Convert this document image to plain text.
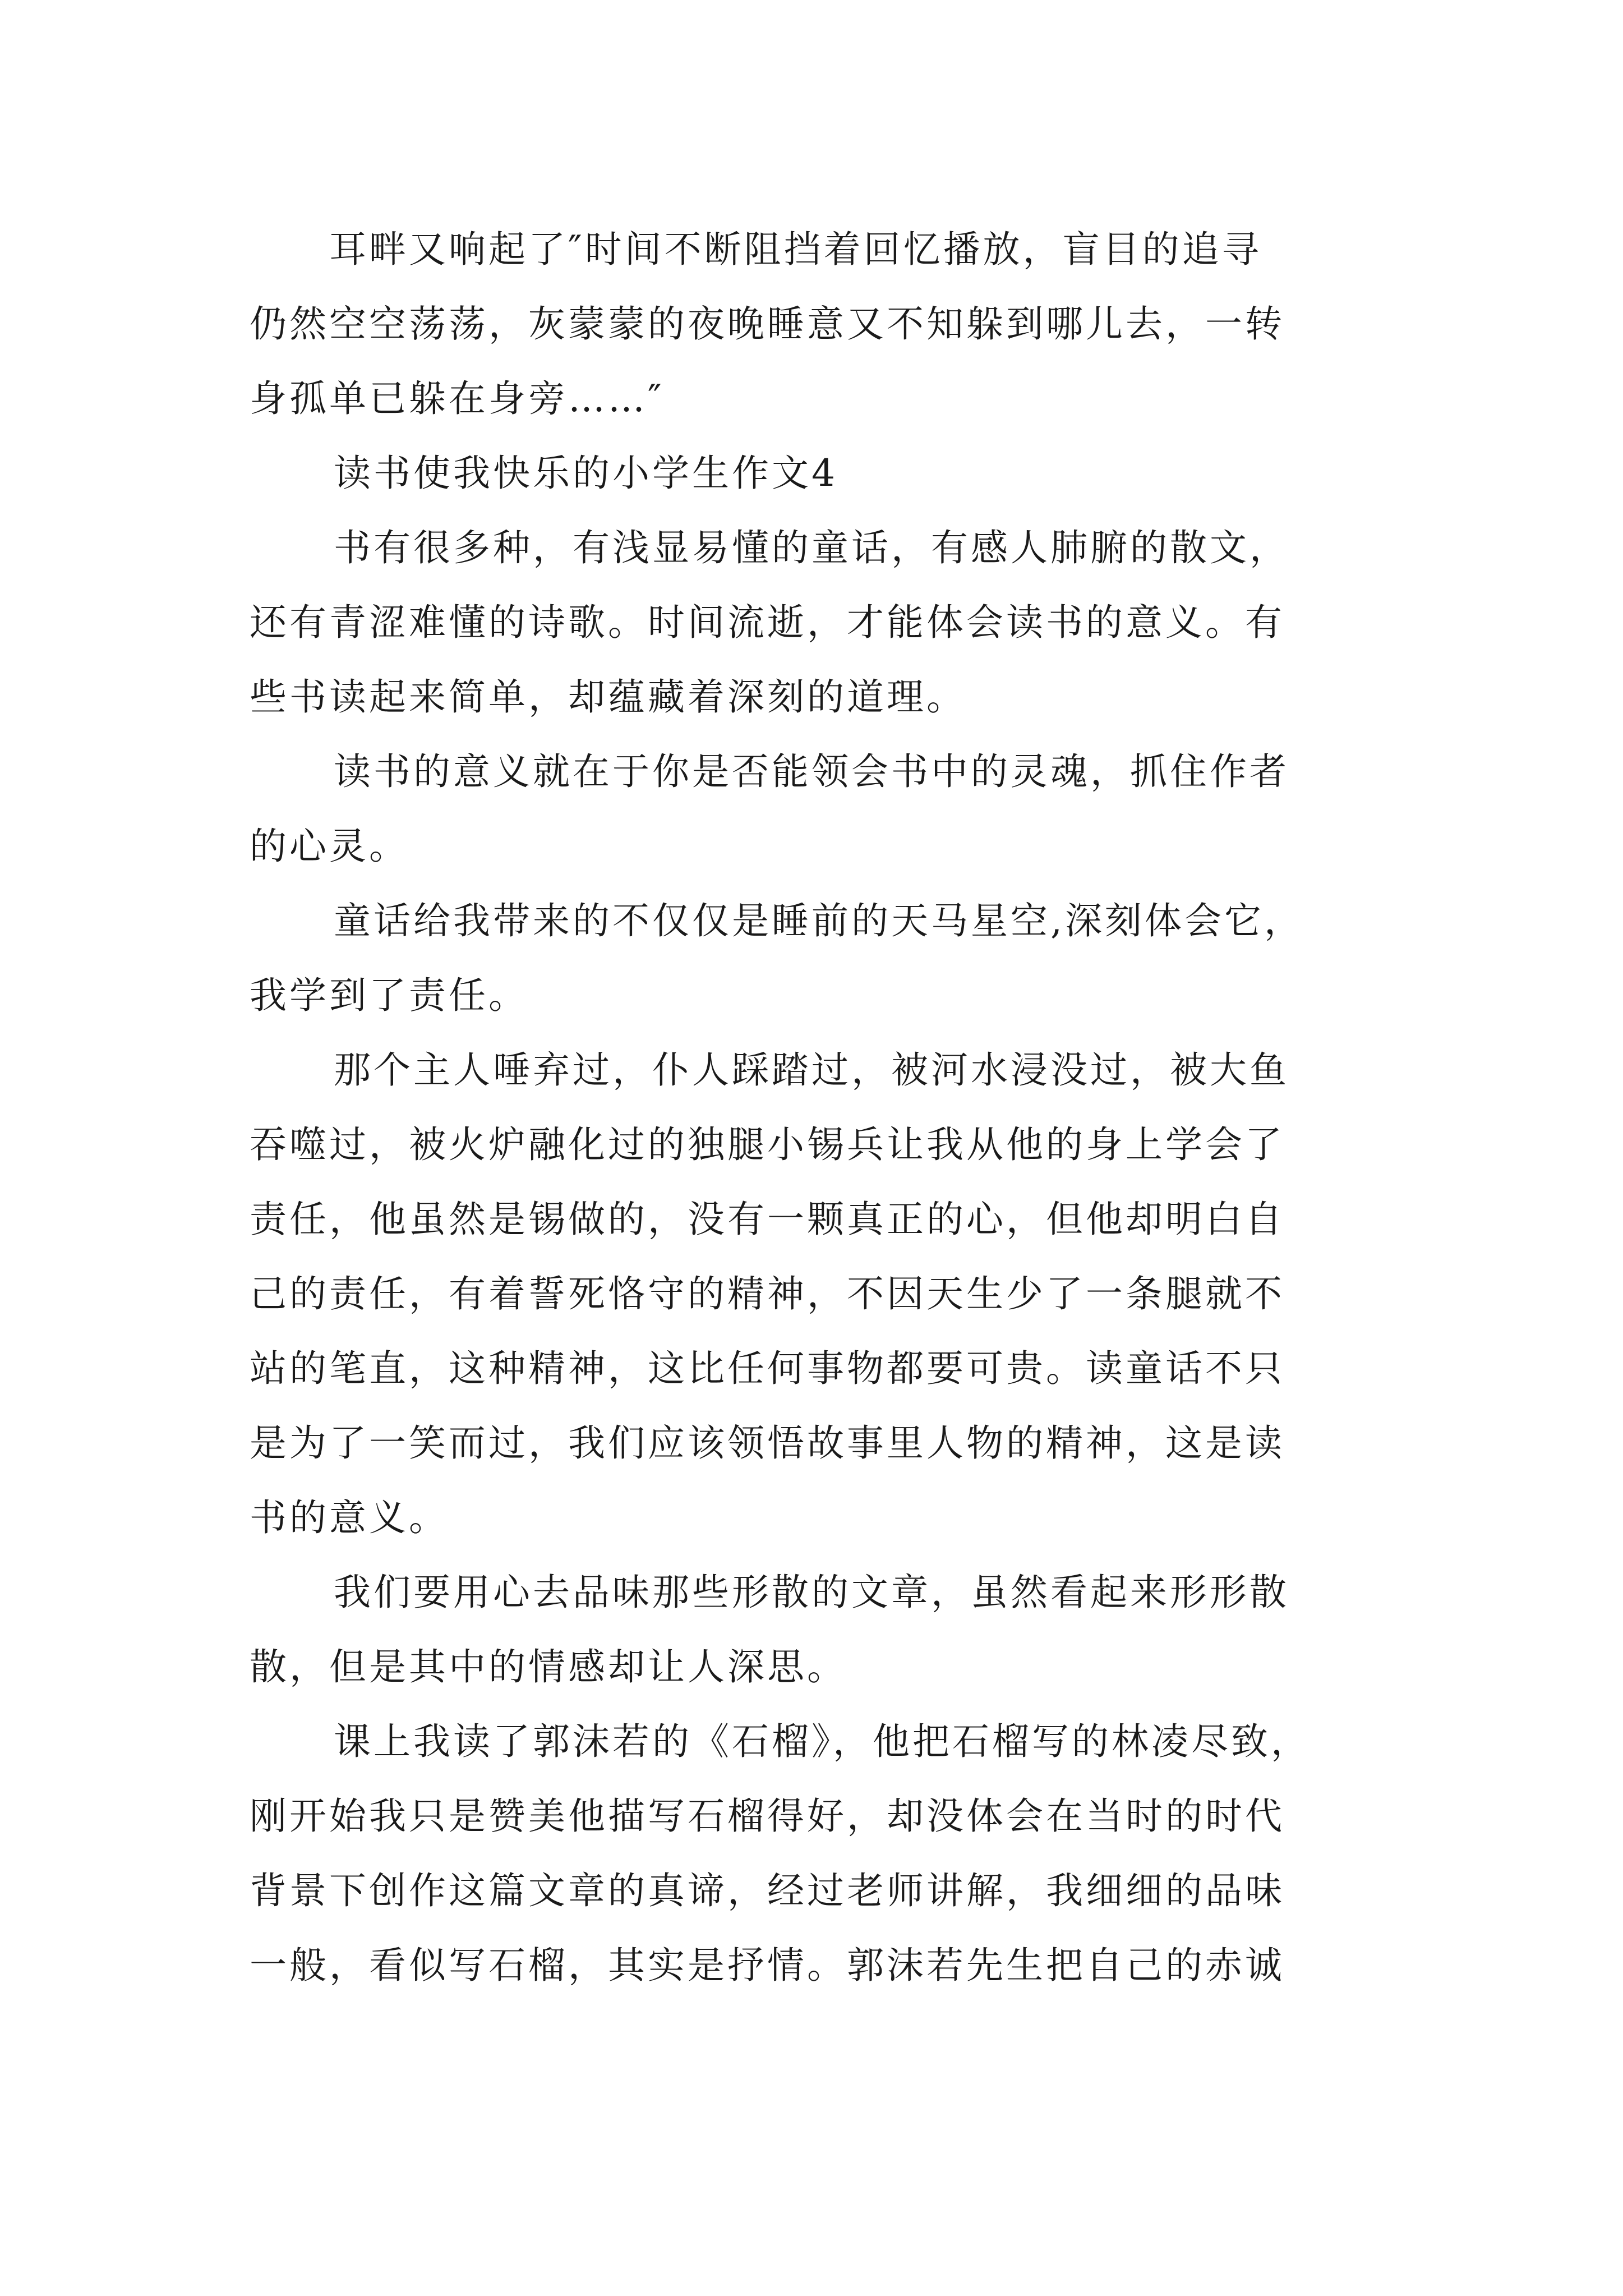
　　耳畔又响起了″时间不断阻挡着回忆播放，盲目的追寻
仍然空空荡荡，灰蒙蒙的夜晚睡意又不知躲到哪儿去，一转
身孤单已躲在身旁……″
读书使我快乐的小学生作文4
书有很多种，有浅显易懂的童话，有感人肺腑的散文，
还有青涩难懂的诗歌。时间流逝，才能体会读书的意义。有
些书读起来简单，却蕴藏着深刻的道理。
读书的意义就在于你是否能领会书中的灵魂，抓住作者
的心灵。
童话给我带来的不仅仅是睡前的天马星空,深刻体会它，
我学到了责任。
那个主人唾弃过，仆人踩踏过，被河水浸没过，被大鱼
吞噬过，被火炉融化过的独腿小锡兵让我从他的身上学会了
责任，他虽然是锡做的，没有一颗真正的心，但他却明白自
己的责任，有着誓死恪守的精神，不因天生少了一条腿就不
站的笔直，这种精神，这比任何事物都要可贵。读童话不只
是为了一笑而过，我们应该领悟故事里人物的精神，这是读
书的意义。
我们要用心去品味那些形散的文章，虽然看起来形形散
散，但是其中的情感却让人深思。
课上我读了郭沫若的《石榴》，他把石榴写的林凌尽致，
刚开始我只是赞美他描写石榴得好，却没体会在当时的时代
背景下创作这篇文章的真谛，经过老师讲解，我细细的品味
一般，看似写石榴，其实是抒情。郭沫若先生把自己的赤诚
